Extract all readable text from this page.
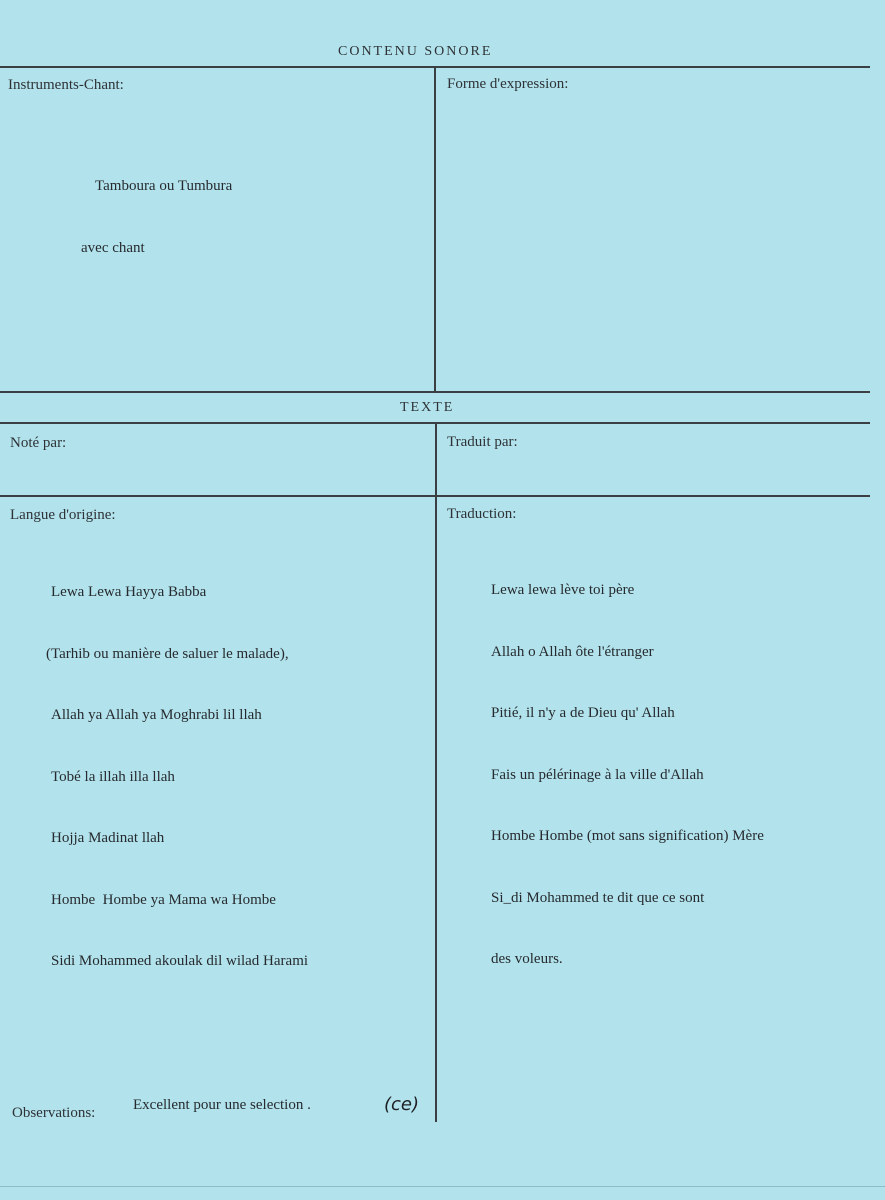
CONTENU SONORE
Instruments-Chant:

Tamboura ou Tumbura

avec chant

Forme d'expression:
TEXTE
Noté par:	Traduit par:
Langue d'origine:

Lewa Lewa Hayya Babba

(Tarhib ou manière de saluer le malade),

Allah ya Allah ya Moghrabi lil llah

Tobé la illah illa llah

Hojja Madinat llah

Hombe  Hombe ya Mama wa Hombe

Sidi Mohammed akoulak dil wilad Harami

Traduction:

Lewa lewa lève toi père

Allah o Allah ôte l'étranger

Pitié, il n'y a de Dieu qu' Allah

Fais un pélérinage à la ville d'Allah

Hombe Hombe (mot sans signification) Mère

Si_di Mohammed te dit que ce sont

des voleurs.

Observations:	Excellent pour une selection .	(ce)
